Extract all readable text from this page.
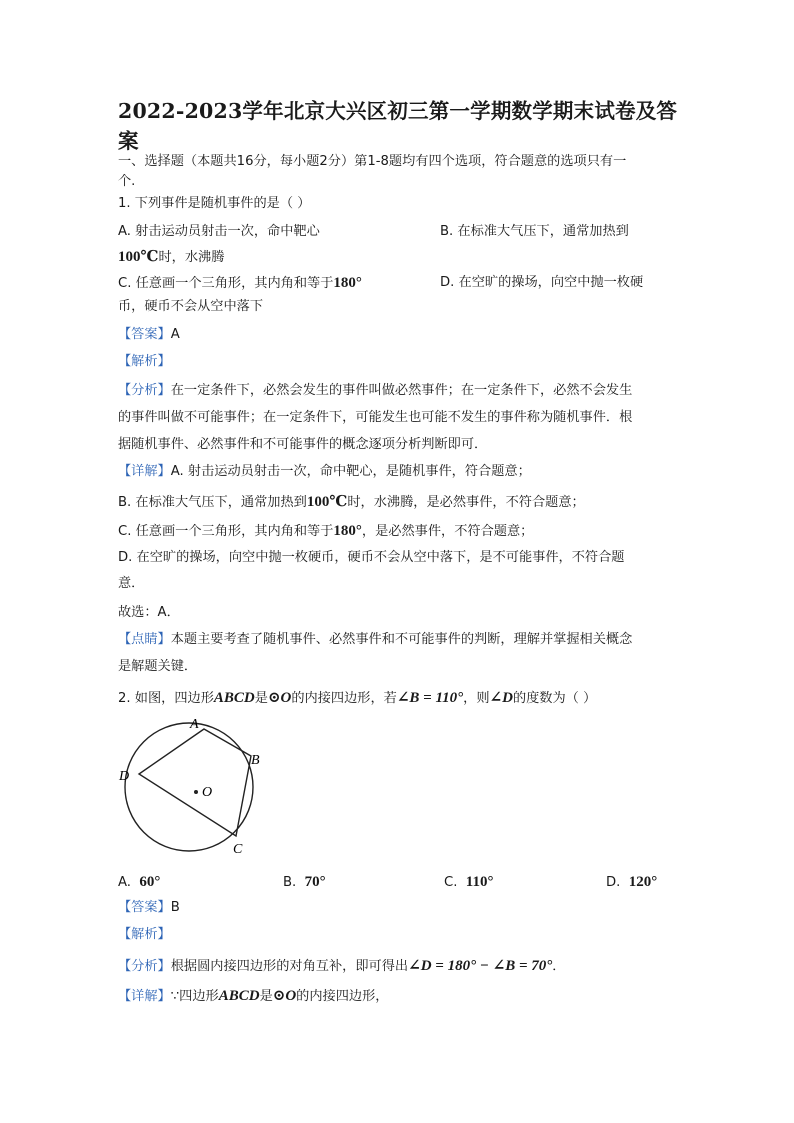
2022-2023学年北京大兴区初三第一学期数学期末试卷及答案
一、选择题（本题共16分，每小题2分）第1-8题均有四个选项，符合题意的选项只有一
个.
1. 下列事件是随机事件的是（ ）
A. 射击运动员射击一次，命中靶心	B. 在标准大气压下，通常加热到
100℃时，水沸腾
C. 任意画一个三角形，其内角和等于180°	D. 在空旷的操场，向空中抛一枚硬
币，硬币不会从空中落下
【答案】A
【解析】
【分析】在一定条件下，必然会发生的事件叫做必然事件；在一定条件下，必然不会发生
的事件叫做不可能事件；在一定条件下，可能发生也可能不发生的事件称为随机事件．根
据随机事件、必然事件和不可能事件的概念逐项分析判断即可．
【详解】A. 射击运动员射击一次，命中靶心，是随机事件，符合题意；
B. 在标准大气压下，通常加热到100℃时，水沸腾，是必然事件，不符合题意；
C. 任意画一个三角形，其内角和等于180°，是必然事件，不符合题意；
D. 在空旷的操场，向空中抛一枚硬币，硬币不会从空中落下，是不可能事件，不符合题
意．
故选：A．
【点睛】本题主要考查了随机事件、必然事件和不可能事件的判断，理解并掌握相关概念
是解题关键．
2. 如图，四边形ABCD是⊙O的内接四边形，若∠B = 110°，则∠D的度数为（ ）
A
B
C
D
O
A. 60°	B. 70°	C. 110°	D. 120°
【答案】B
【解析】
【分析】根据圆内接四边形的对角互补，即可得出∠D = 180° − ∠B = 70°．
【详解】∵四边形ABCD是⊙O的内接四边形，
